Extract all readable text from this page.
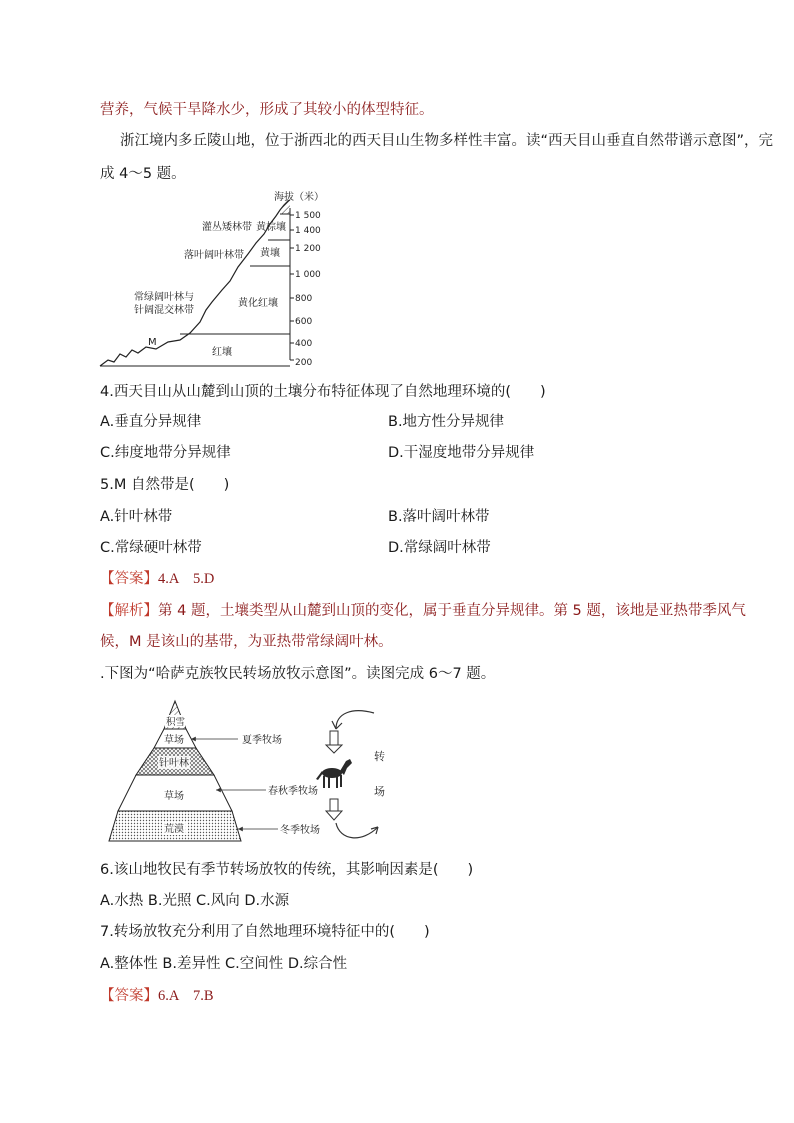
营养，气候干旱降水少，形成了其较小的体型特征。
浙江境内多丘陵山地，位于浙西北的西天目山生物多样性丰富。读“西天目山垂直自然带谱示意图”，完
成 4～5 题。
海拔（米）
1 500
1 400
1 200
1 000
800
600
400
200
灌丛矮林带
落叶阔叶林带
常绿阔叶林与
针阔混交林带
黄棕壤
黄壤
黄化红壤
红壤
M
4.西天目山从山麓到山顶的土壤分布特征体现了自然地理环境的(　　)
A.垂直分异规律	B.地方性分异规律
C.纬度地带分异规律	D.干湿度地带分异规律
5.M 自然带是(　　)
A.针叶林带	B.落叶阔叶林带
C.常绿硬叶林带	D.常绿阔叶林带
【答案】4.A　5.D
【解析】第 4 题，土壤类型从山麓到山顶的变化，属于垂直分异规律。第 5 题，该地是亚热带季风气
候，M 是该山的基带，为亚热带常绿阔叶林。
.下图为“哈萨克族牧民转场放牧示意图”。读图完成 6～7 题。
积雪
草场
针叶林
草场
荒漠
夏季牧场
春秋季牧场
冬季牧场
转
场
6.该山地牧民有季节转场放牧的传统，其影响因素是(　　)
A.水热 B.光照 C.风向 D.水源
7.转场放牧充分利用了自然地理环境特征中的(　　)
A.整体性 B.差异性 C.空间性 D.综合性
【答案】6.A　7.B
